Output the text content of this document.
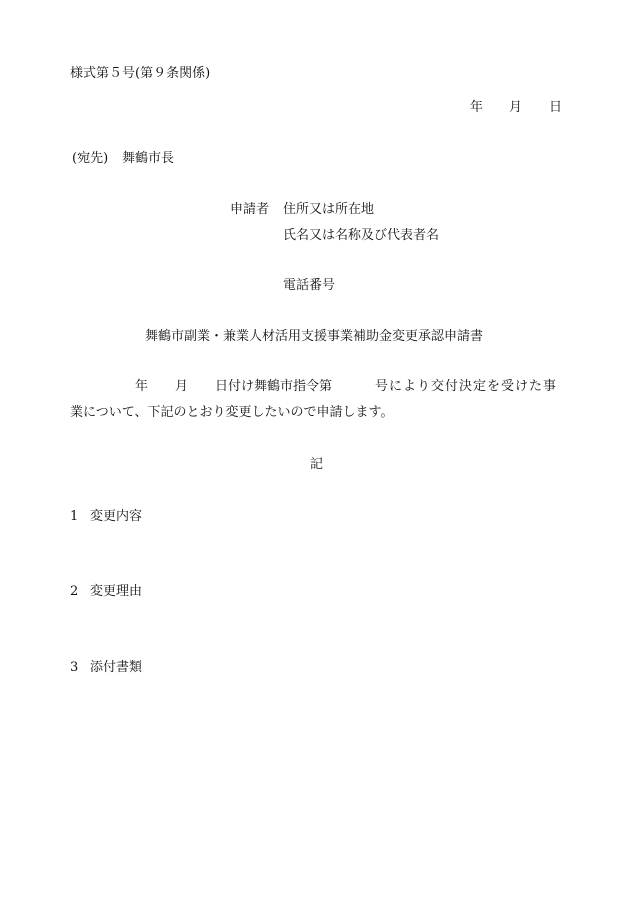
様式第５号(第９条関係)
年 月 日
(宛先) 舞鶴市長
申請者 住所又は所在地
氏名又は名称及び代表者名
電話番号
舞鶴市副業・兼業人材活用支援事業補助金変更承認申請書
年 月 日付け舞鶴市指令第	号により交付決定を受けた事
業について、下記のとおり変更したいので申請します。
記
1 変更内容
2 変更理由
3 添付書類
